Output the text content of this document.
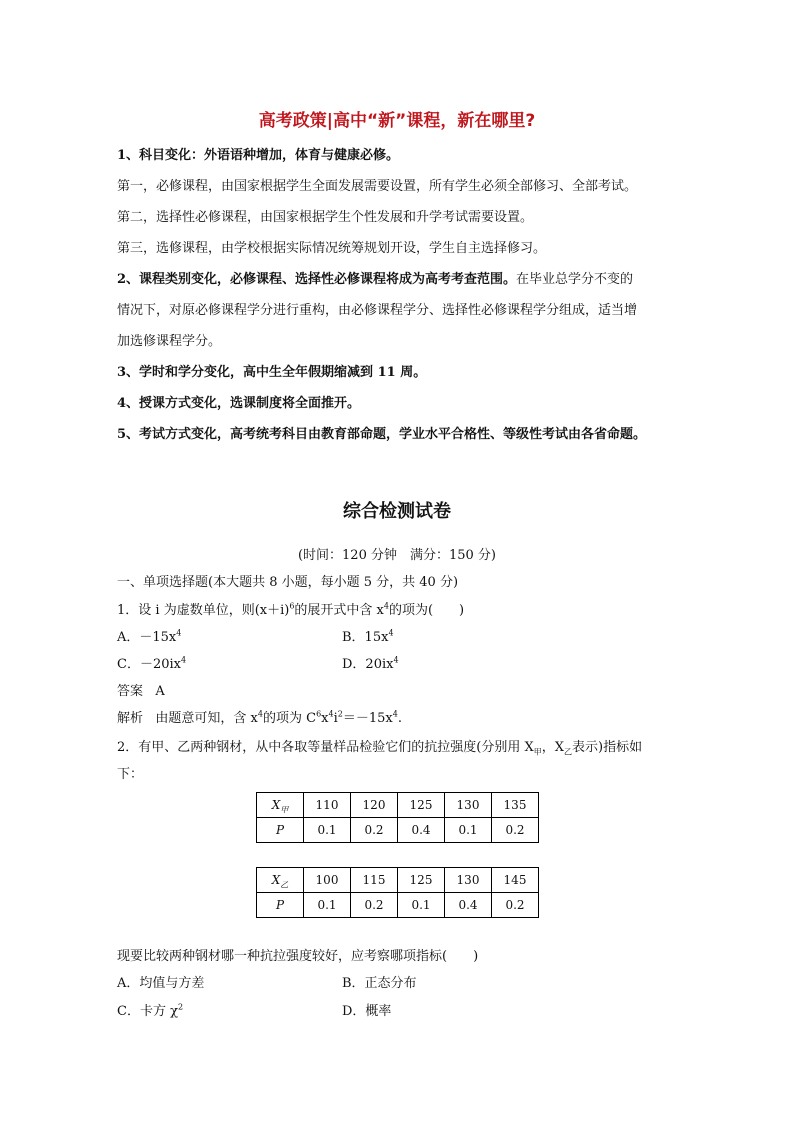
高考政策|高中“新”课程，新在哪里?
1、科目变化：外语语种增加，体育与健康必修。
第一，必修课程，由国家根据学生全面发展需要设置，所有学生必须全部修习、全部考试。
第二，选择性必修课程，由国家根据学生个性发展和升学考试需要设置。
第三，选修课程，由学校根据实际情况统筹规划开设，学生自主选择修习。
2、课程类别变化，必修课程、选择性必修课程将成为高考考查范围。在毕业总学分不变的
情况下，对原必修课程学分进行重构，由必修课程学分、选择性必修课程学分组成，适当增
加选修课程学分。
3、学时和学分变化，高中生全年假期缩减到 11 周。
4、授课方式变化，选课制度将全面推开。
5、考试方式变化，高考统考科目由教育部命题，学业水平合格性、等级性考试由各省命题。
综合检测试卷
(时间：120 分钟　满分：150 分)
一、单项选择题(本大题共 8 小题，每小题 5 分，共 40 分)
1．设 i 为虚数单位，则$(x+i)^6$的展开式中含 $x^4$的项为(　　)
A．$-15x^4$	B．$15x^4$
C．$-20ix^4$	D．$20ix^4$
答案 A
解析 由题意可知，含 $x^4$的项为 $C^6x^4i^2=-15x^4$.
2．有甲、乙两种钢材，从中各取等量样品检验它们的抗拉强度(分别用 $X_甲$，$X_乙$表示)指标如
下：
$X_甲$	110	120	125	130	135
P	0.1	0.2	0.4	0.1	0.2
$X_乙$	100	115	125	130	145
P	0.1	0.2	0.1	0.4	0.2
现要比较两种钢材哪一种抗拉强度较好，应考察哪项指标(　　)
A．均值与方差	B．正态分布
C．卡方 $\chi^2$	D．概率
